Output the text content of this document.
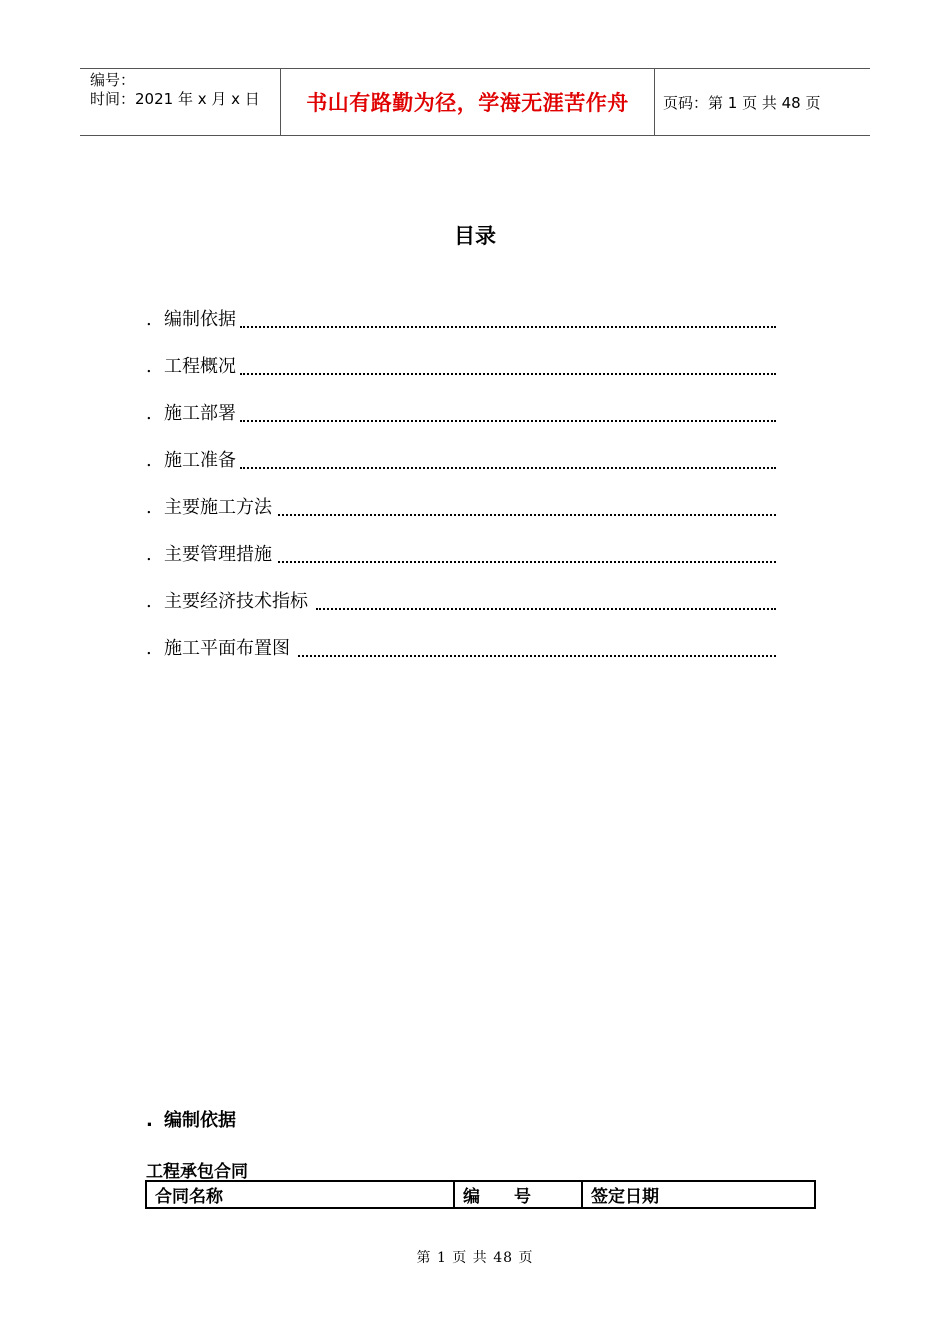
编号：
时间：2021 年 x 月 x 日	书山有路勤为径，学海无涯苦作舟	页码：第 1 页 共 48 页
目录
. 编制依据
. 工程概况
. 施工部署
. 施工准备
. 主要施工方法
. 主要管理措施
. 主要经济技术指标
. 施工平面布置图
. 编制依据
工程承包合同
合同名称	编　　号	签定日期
第 1 页 共 48 页
